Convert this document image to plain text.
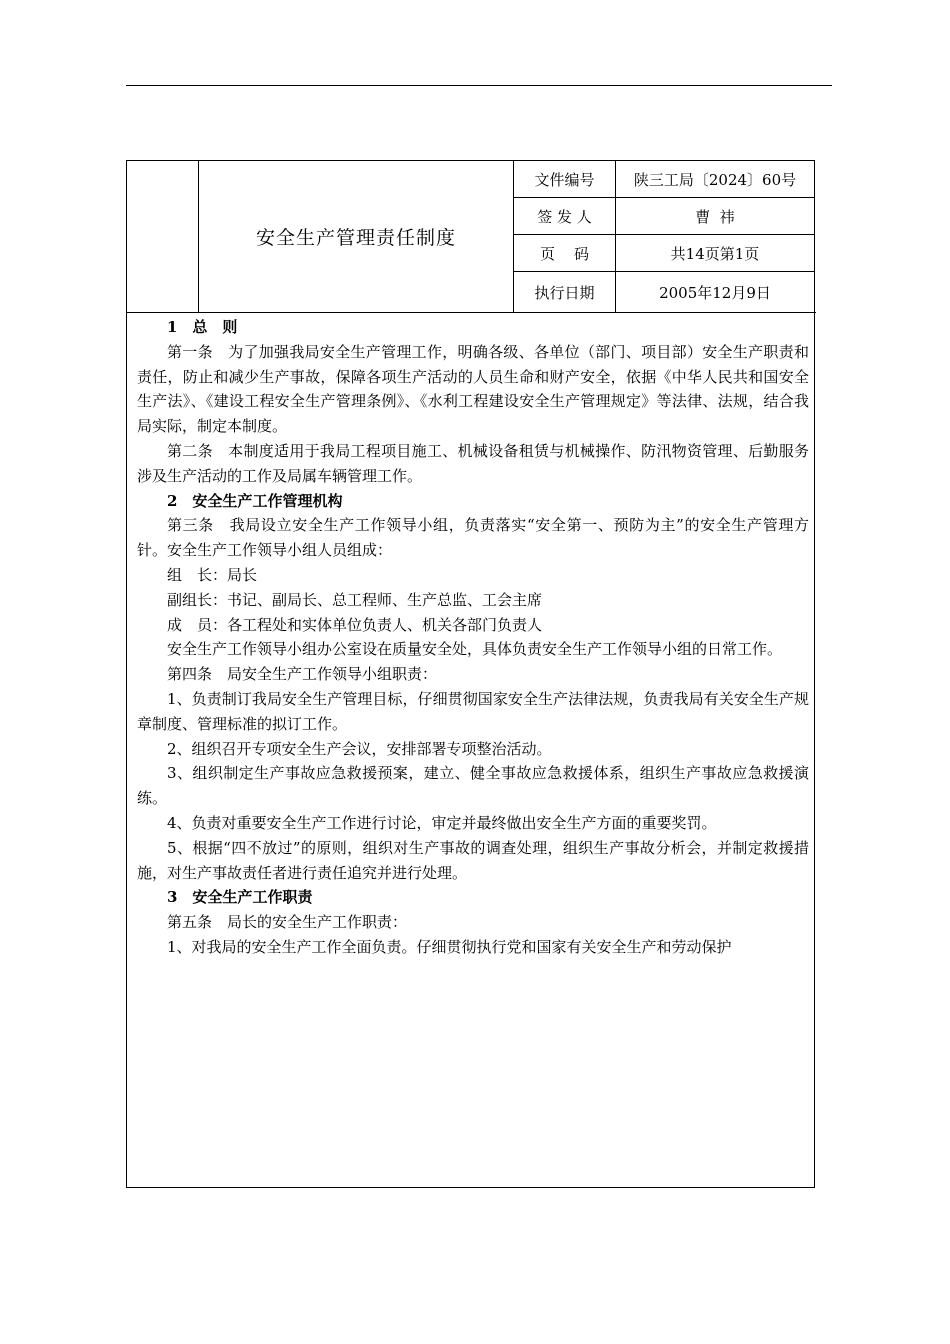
安全生产管理责任制度
文件编号	陕三工局〔2024〕60号
签 发 人	曹  祎
页    码	共14页第1页
执行日期	2005年12月9日

1　总　则

第一条　为了加强我局安全生产管理工作，明确各级、各单位（部门、项目部）安全生产职责和责任，防止和减少生产事故，保障各项生产活动的人员生命和财产安全，依据《中华人民共和国安全生产法》、《建设工程安全生产管理条例》、《水利工程建设安全生产管理规定》等法律、法规，结合我局实际，制定本制度。

第二条　本制度适用于我局工程项目施工、机械设备租赁与机械操作、防汛物资管理、后勤服务涉及生产活动的工作及局属车辆管理工作。

2　安全生产工作管理机构

第三条　我局设立安全生产工作领导小组，负责落实“安全第一、预防为主”的安全生产管理方针。安全生产工作领导小组人员组成：

组　长：局长

副组长：书记、副局长、总工程师、生产总监、工会主席

成　员：各工程处和实体单位负责人、机关各部门负责人

安全生产工作领导小组办公室设在质量安全处，具体负责安全生产工作领导小组的日常工作。

第四条　局安全生产工作领导小组职责：

1、负责制订我局安全生产管理目标，仔细贯彻国家安全生产法律法规，负责我局有关安全生产规章制度、管理标准的拟订工作。

2、组织召开专项安全生产会议，安排部署专项整治活动。

3、组织制定生产事故应急救援预案，建立、健全事故应急救援体系，组织生产事故应急救援演练。

4、负责对重要安全生产工作进行讨论，审定并最终做出安全生产方面的重要奖罚。

5、根据“四不放过”的原则，组织对生产事故的调查处理，组织生产事故分析会，并制定救援措施，对生产事故责任者进行责任追究并进行处理。

3　安全生产工作职责

第五条　局长的安全生产工作职责：

1、对我局的安全生产工作全面负责。仔细贯彻执行党和国家有关安全生产和劳动保护
